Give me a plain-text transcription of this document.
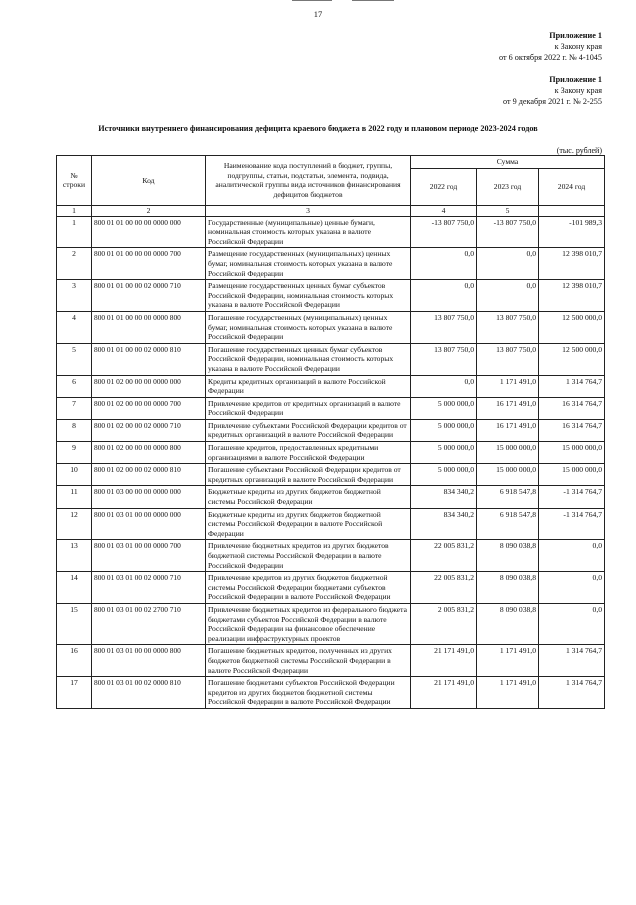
17
Приложение 1
к Закону края
от 6 октября 2022 г. № 4-1045
Приложение 1
к Закону края
от 9 декабря 2021 г. № 2-255
Источники внутреннего финансирования дефицита краевого бюджета в 2022 году и плановом периоде 2023-2024 годов
(тыс. рублей)
№ строки	Код	Наименование кода поступлений в бюджет, группы, подгруппы, статьи, подстатьи, элемента, подвида, аналитической группы вида источников финансирования дефицитов бюджетов	Сумма		
			2022 год	2023 год	2024 год
1	2	3	4	5	
1	800 01 01 00 00 00 0000 000	Государственные (муниципальные) ценные бумаги, номинальная стоимость которых указана в валюте Российской Федерации	-13 807 750,0	-13 807 750,0	-101 989,3
2	800 01 01 00 00 00 0000 700	Размещение государственных (муниципальных) ценных бумаг, номинальная стоимость которых указана в валюте Российской Федерации	0,0	0,0	12 398 010,7
3	800 01 01 00 00 02 0000 710	Размещение государственных ценных бумаг субъектов Российской Федерации, номинальная стоимость которых указана в валюте Российской Федерации	0,0	0,0	12 398 010,7
4	800 01 01 00 00 00 0000 800	Погашение государственных (муниципальных) ценных бумаг, номинальная стоимость которых указана в валюте Российской Федерации	13 807 750,0	13 807 750,0	12 500 000,0
5	800 01 01 00 00 02 0000 810	Погашение государственных ценных бумаг субъектов Российской Федерации, номинальная стоимость которых указана в валюте Российской Федерации	13 807 750,0	13 807 750,0	12 500 000,0
6	800 01 02 00 00 00 0000 000	Кредиты кредитных организаций в валюте Российской Федерации	0,0	1 171 491,0	1 314 764,7
7	800 01 02 00 00 00 0000 700	Привлечение кредитов от кредитных организаций в валюте Российской Федерации	5 000 000,0	16 171 491,0	16 314 764,7
8	800 01 02 00 00 02 0000 710	Привлечение субъектами Российской Федерации кредитов от кредитных организаций в валюте Российской Федерации	5 000 000,0	16 171 491,0	16 314 764,7
9	800 01 02 00 00 00 0000 800	Погашение кредитов, предоставленных кредитными организациями в валюте Российской Федерации	5 000 000,0	15 000 000,0	15 000 000,0
10	800 01 02 00 00 02 0000 810	Погашение субъектами Российской Федерации кредитов от кредитных организаций в валюте Российской Федерации	5 000 000,0	15 000 000,0	15 000 000,0
11	800 01 03 00 00 00 0000 000	Бюджетные кредиты из других бюджетов бюджетной системы Российской Федерации	834 340,2	6 918 547,8	-1 314 764,7
12	800 01 03 01 00 00 0000 000	Бюджетные кредиты из других бюджетов бюджетной системы Российской Федерации в валюте Российской Федерации	834 340,2	6 918 547,8	-1 314 764,7
13	800 01 03 01 00 00 0000 700	Привлечение бюджетных кредитов из других бюджетов бюджетной системы Российской Федерации в валюте Российской Федерации	22 005 831,2	8 090 038,8	0,0
14	800 01 03 01 00 02 0000 710	Привлечение кредитов из других бюджетов бюджетной системы Российской Федерации бюджетами субъектов Российской Федерации в валюте Российской Федерации	22 005 831,2	8 090 038,8	0,0
15	800 01 03 01 00 02 2700 710	Привлечение бюджетных кредитов из федерального бюджета бюджетами субъектов Российской Федерации в валюте Российской Федерации на финансовое обеспечение реализации инфраструктурных проектов	2 005 831,2	8 090 038,8	0,0
16	800 01 03 01 00 00 0000 800	Погашение бюджетных кредитов, полученных из других бюджетов бюджетной системы Российской Федерации в валюте Российской Федерации	21 171 491,0	1 171 491,0	1 314 764,7
17	800 01 03 01 00 02 0000 810	Погашение бюджетами субъектов Российской Федерации кредитов из других бюджетов бюджетной системы Российской Федерации в валюте Российской Федерации	21 171 491,0	1 171 491,0	1 314 764,7
